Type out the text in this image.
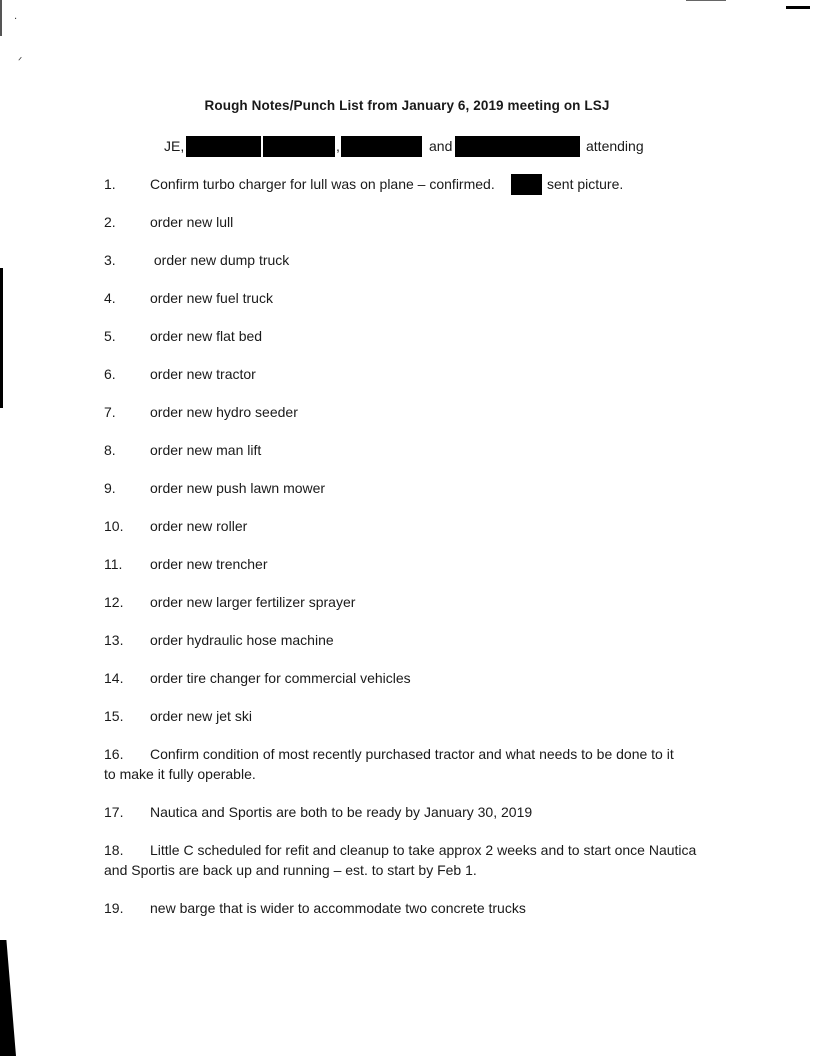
·
ᐟ
Rough Notes/Punch List from January 6, 2019 meeting on LSJ
JE,	,	and	attending
1. Confirm turbo charger for lull was on plane – confirmed.	sent picture.
2. order new lull
3. order new dump truck
4. order new fuel truck
5. order new flat bed
6. order new tractor
7. order new hydro seeder
8. order new man lift
9. order new push lawn mower
10. order new roller
11. order new trencher
12. order new larger fertilizer sprayer
13. order hydraulic hose machine
14. order tire changer for commercial vehicles
15. order new jet ski
16. Confirm condition of most recently purchased tractor and what needs to be done to it
to make it fully operable.
17. Nautica and Sportis are both to be ready by January 30, 2019
18. Little C scheduled for refit and cleanup to take approx 2 weeks and to start once Nautica
and Sportis are back up and running – est. to start by Feb 1.
19. new barge that is wider to accommodate two concrete trucks
